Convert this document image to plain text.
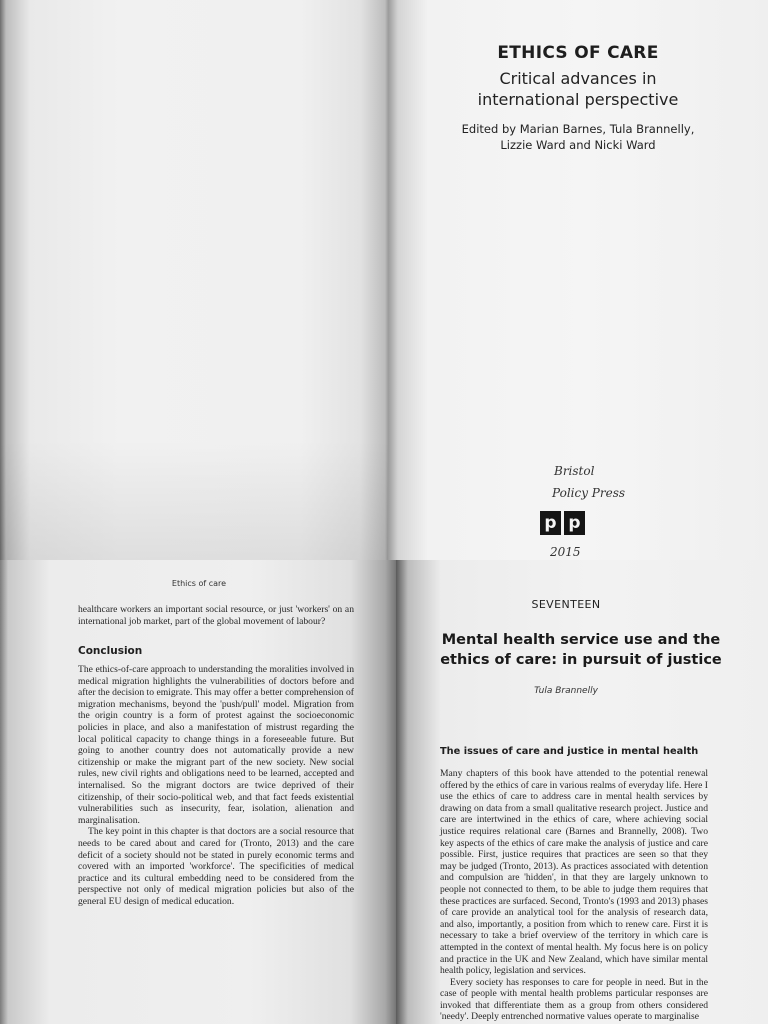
ETHICS OF CARE
Critical advances in
international perspective
Edited by Marian Barnes, Tula Brannelly,
Lizzie Ward and Nicki Ward
Bristol
Policy Press
p p
2015
Ethics of care

healthcare workers an important social resource, or just 'workers' on an international job market, part of the global movement of labour?

Conclusion

The ethics-of-care approach to understanding the moralities involved in medical migration highlights the vulnerabilities of doctors before and after the decision to emigrate. This may offer a better comprehension of migration mechanisms, beyond the 'push/pull' model. Migration from the origin country is a form of protest against the socioeconomic policies in place, and also a manifestation of mistrust regarding the local political capacity to change things in a foreseeable future. But going to another country does not automatically provide a new citizenship or make the migrant part of the new society. New social rules, new civil rights and obligations need to be learned, accepted and internalised. So the migrant doctors are twice deprived of their citizenship, of their socio-political web, and that fact feeds existential vulnerabilities such as insecurity, fear, isolation, alienation and marginalisation.

The key point in this chapter is that doctors are a social resource that needs to be cared about and cared for (Tronto, 2013) and the care deficit of a society should not be stated in purely economic terms and covered with an imported 'workforce'. The specificities of medical practice and its cultural embedding need to be considered from the perspective not only of medical migration policies but also of the general EU design of medical education.

SEVENTEEN
Mental health service use and the
ethics of care: in pursuit of justice
Tula Brannelly
The issues of care and justice in mental health

Many chapters of this book have attended to the potential renewal offered by the ethics of care in various realms of everyday life. Here I use the ethics of care to address care in mental health services by drawing on data from a small qualitative research project. Justice and care are intertwined in the ethics of care, where achieving social justice requires relational care (Barnes and Brannelly, 2008). Two key aspects of the ethics of care make the analysis of justice and care possible. First, justice requires that practices are seen so that they may be judged (Tronto, 2013). As practices associated with detention and compulsion are 'hidden', in that they are largely unknown to people not connected to them, to be able to judge them requires that these practices are surfaced. Second, Tronto's (1993 and 2013) phases of care provide an analytical tool for the analysis of research data, and also, importantly, a position from which to renew care. First it is necessary to take a brief overview of the territory in which care is attempted in the context of mental health. My focus here is on policy and practice in the UK and New Zealand, which have similar mental health policy, legislation and services.

Every society has responses to care for people in need. But in the case of people with mental health problems particular responses are invoked that differentiate them as a group from others considered 'needy'. Deeply entrenched normative values operate to marginalise
